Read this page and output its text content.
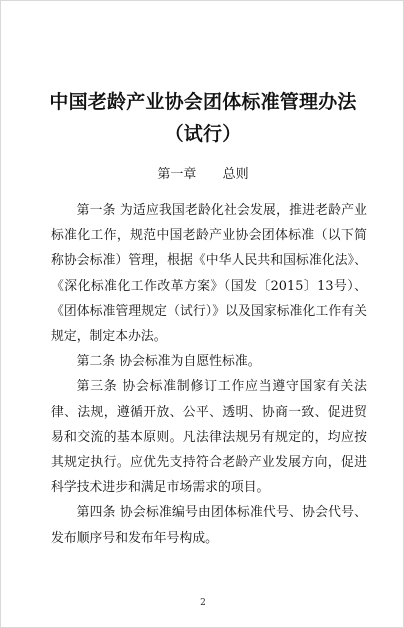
中国老龄产业协会团体标准管理办法
（试行）
第一章 总则

第一条 为适应我国老龄化社会发展，推进老龄产业标准化工作，规范中国老龄产业协会团体标准（以下简称协会标准）管理，根据《中华人民共和国标准化法》、《深化标准化工作改革方案》（国发〔2015〕13号）、《团体标准管理规定（试行）》以及国家标准化工作有关规定，制定本办法。

第二条 协会标准为自愿性标准。

第三条 协会标准制修订工作应当遵守国家有关法律、法规，遵循开放、公平、透明、协商一致、促进贸易和交流的基本原则。凡法律法规另有规定的，均应按其规定执行。应优先支持符合老龄产业发展方向，促进科学技术进步和满足市场需求的项目。

第四条 协会标准编号由团体标准代号、协会代号、发布顺序号和发布年号构成。

2
